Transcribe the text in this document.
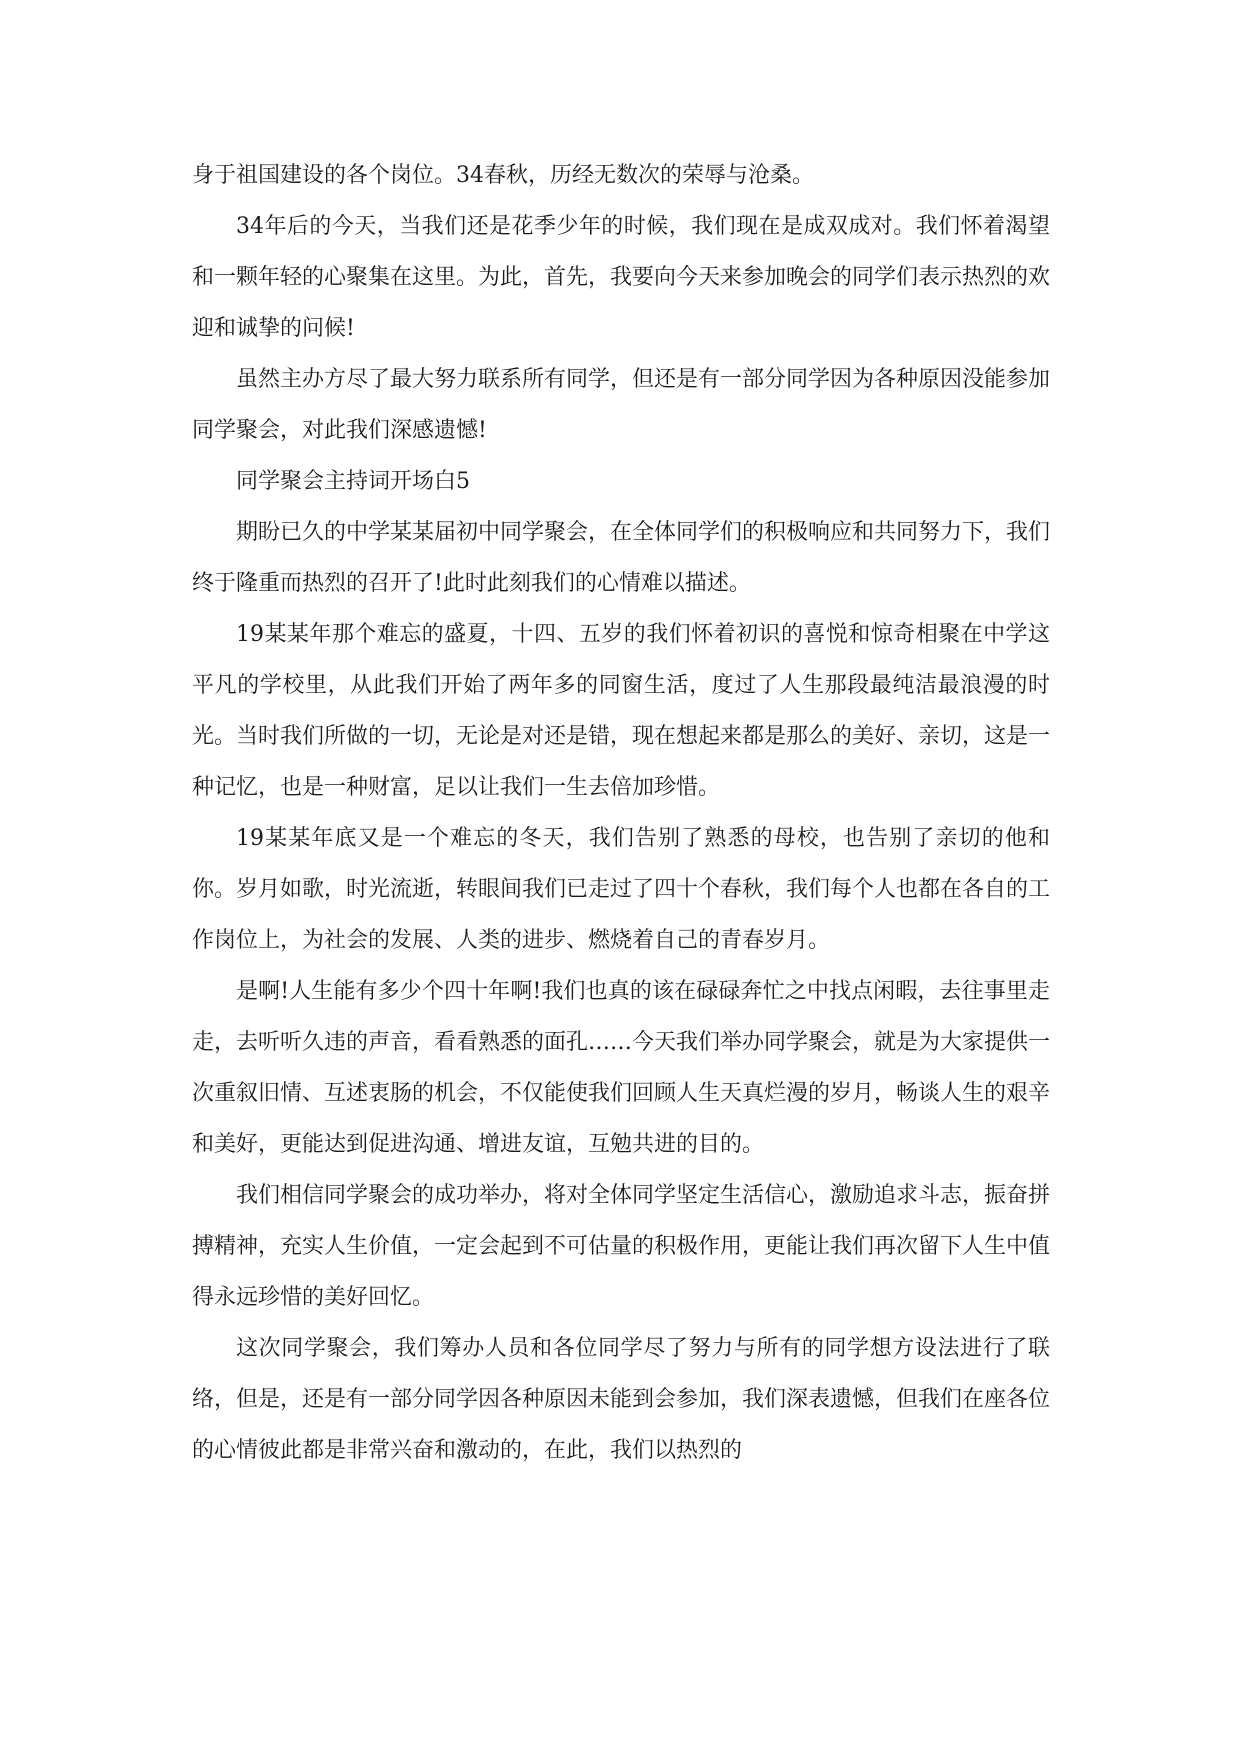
身于祖国建设的各个岗位。34春秋，历经无数次的荣辱与沧桑。

34年后的今天，当我们还是花季少年的时候，我们现在是成双成对。我们怀着渴望和一颗年轻的心聚集在这里。为此，首先，我要向今天来参加晚会的同学们表示热烈的欢迎和诚挚的问候!

虽然主办方尽了最大努力联系所有同学，但还是有一部分同学因为各种原因没能参加同学聚会，对此我们深感遗憾!

同学聚会主持词开场白5

期盼已久的中学某某届初中同学聚会，在全体同学们的积极响应和共同努力下，我们终于隆重而热烈的召开了!此时此刻我们的心情难以描述。

19某某年那个难忘的盛夏，十四、五岁的我们怀着初识的喜悦和惊奇相聚在中学这平凡的学校里，从此我们开始了两年多的同窗生活，度过了人生那段最纯洁最浪漫的时光。当时我们所做的一切，无论是对还是错，现在想起来都是那么的美好、亲切，这是一种记忆，也是一种财富，足以让我们一生去倍加珍惜。

19某某年底又是一个难忘的冬天，我们告别了熟悉的母校，也告别了亲切的他和你。岁月如歌，时光流逝，转眼间我们已走过了四十个春秋，我们每个人也都在各自的工作岗位上，为社会的发展、人类的进步、燃烧着自己的青春岁月。

是啊!人生能有多少个四十年啊!我们也真的该在碌碌奔忙之中找点闲暇，去往事里走走，去听听久违的声音，看看熟悉的面孔……今天我们举办同学聚会，就是为大家提供一次重叙旧情、互述衷肠的机会，不仅能使我们回顾人生天真烂漫的岁月，畅谈人生的艰辛和美好，更能达到促进沟通、增进友谊，互勉共进的目的。

我们相信同学聚会的成功举办，将对全体同学坚定生活信心，激励追求斗志，振奋拼搏精神，充实人生价值，一定会起到不可估量的积极作用，更能让我们再次留下人生中值得永远珍惜的美好回忆。

这次同学聚会，我们筹办人员和各位同学尽了努力与所有的同学想方设法进行了联络，但是，还是有一部分同学因各种原因未能到会参加，我们深表遗憾，但我们在座各位的心情彼此都是非常兴奋和激动的，在此，我们以热烈的
